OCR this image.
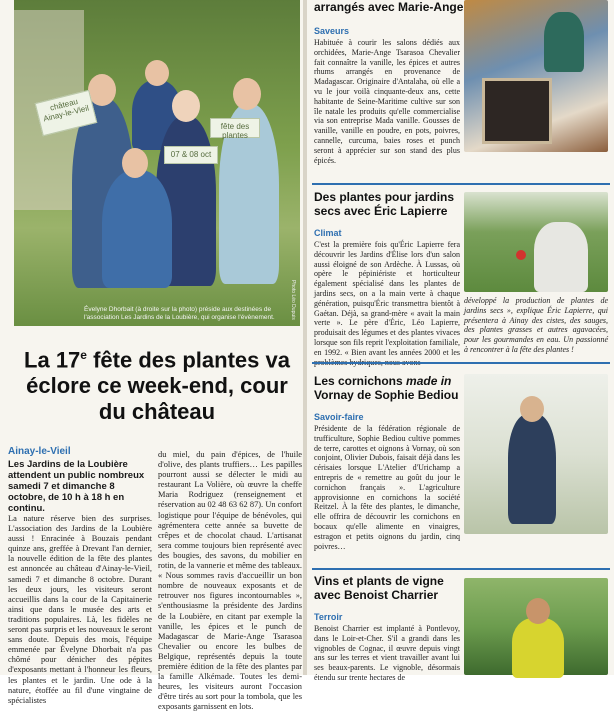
château Ainay-le-Vieil
fête des plantes
07 & 08 oct
Évelyne Dhorbait (à droite sur la photo) préside aux destinées de l'association Les Jardins de la Loubière, qui organise l'évènement.	Photo Léo Dupuis
La 17e fête des plantes va éclore ce week-end, cour du château
Ainay-le-Vieil
Les Jardins de la Loubière attendent un public nombreux samedi 7 et dimanche 8 octobre, de 10 h à 18 h en continu.
La nature réserve bien des surprises. L'association des Jardins de la Loubière aussi ! Enracinée à Bouzais pendant quinze ans, greffée à Drevant l'an dernier, la nouvelle édition de la fête des plantes est annoncée au château d'Ainay-le-Vieil, samedi 7 et dimanche 8 octobre. Durant les deux jours, les visiteurs seront accueillis dans la cour de la Capitainerie ainsi que dans le musée des arts et traditions populaires. Là, les fidèles ne seront pas surpris et les nouveaux le seront sans doute. Depuis des mois, l'équipe emmenée par Évelyne Dhorbait n'a pas chômé pour dénicher des pépites d'exposants mettant à l'honneur les fleurs, les plantes et le jardin. Une ode à la nature, étoffée au fil d'une vingtaine de spécialistes
du miel, du pain d'épices, de l'huile d'olive, des plants truffiers… Les papilles pourront aussi se délecter le midi au restaurant La Volière, où œuvre la cheffe Maria Rodriguez (renseignement et réservation au 02 48 63 62 87). Un confort logistique pour l'équipe de bénévoles, qui agrémentera cette année sa buvette de crêpes et de chocolat chaud. L'artisanat sera comme toujours bien représenté avec des bougies, des savons, du mobilier en rotin, de la vannerie et même des tableaux. « Nous sommes ravis d'accueillir un bon nombre de nouveaux exposants et de retrouver nos figures incontournables », s'enthousiasme la présidente des Jardins de la Loubière, en citant par exemple la vanille, les épices et le punch de Madagascar de Marie-Ange Tsarasoa Chevalier ou encore les bulbes de Belgique, représentés depuis la toute première édition de la fête des plantes par la famille Alkémade. Toutes les demi-heures, les visiteurs auront l'occasion d'être tirés au sort pour la tombola, que les exposants garnissent en lots.
arrangés avec Marie-Ange
Saveurs
Habituée à courir les salons dédiés aux orchidées, Marie-Ange Tsarasoa Chevalier fait connaître la vanille, les épices et autres rhums arrangés en provenance de Madagascar. Originaire d'Antalaha, où elle a vu le jour voilà cinquante-deux ans, cette habitante de Seine-Maritime cultive sur son île natale les produits qu'elle commercialise via son entreprise Mada vanille. Gousses de vanille, vanille en poudre, en pots, poivres, cannelle, curcuma, baies roses et punch seront à apprécier sur son stand des plus épicés.
Des plantes pour jardins secs avec Éric Lapierre
Climat
C'est la première fois qu'Éric Lapierre fera découvrir les Jardins d'Élise lors d'un salon aussi éloigné de son Ardèche. À Lussas, où opère le pépiniériste et horticulteur également spécialisé dans les plantes de jardins secs, on a la main verte à chaque génération, puisqu'Éric transmettra bientôt à Gaétan. Déjà, sa grand-mère « avait la main verte ». Le père d'Éric, Léo Lapierre, produisait des légumes et des plantes vivaces lorsque son fils reprit l'exploitation familiale, en 1992. « Bien avant les années 2000 et les
développé la production de plantes de jardins secs », explique Éric Lapierre, qui présentera à Ainay des cistes, des sauges, des plantes grasses et autres agavacées, pour les gourmandes en eau. Un passionné à rencontrer à la fête des plantes !
Les cornichons made in Vornay de Sophie Bediou
Savoir-faire
Présidente de la fédération régionale de trufficulture, Sophie Bediou cultive pommes de terre, carottes et oignons à Vornay, où son conjoint, Olivier Dubois, faisait déjà dans les cérisaies lorsque L'Atelier d'Urichamp a entrepris de « remettre au goût du jour le cornichon français ». L'agriculture approvisionne en cornichons la société Reitzel. À la fête des plantes, le dimanche, elle offrira de découvrir les cornichons en bocaux qu'elle alimente en vinaigres, estragon et petits oignons du jardin, cinq poivres…
Vins et plants de vigne avec Benoist Charrier
Terroir
Benoist Charrier est implanté à Pontlevoy, dans le Loir-et-Cher. S'il a grandi dans les vignobles de Cognac, il œuvre depuis vingt ans sur les terres et vient travailler avant lui ses beaux-parents. Le vignoble, désormais étendu sur trente hectares de
